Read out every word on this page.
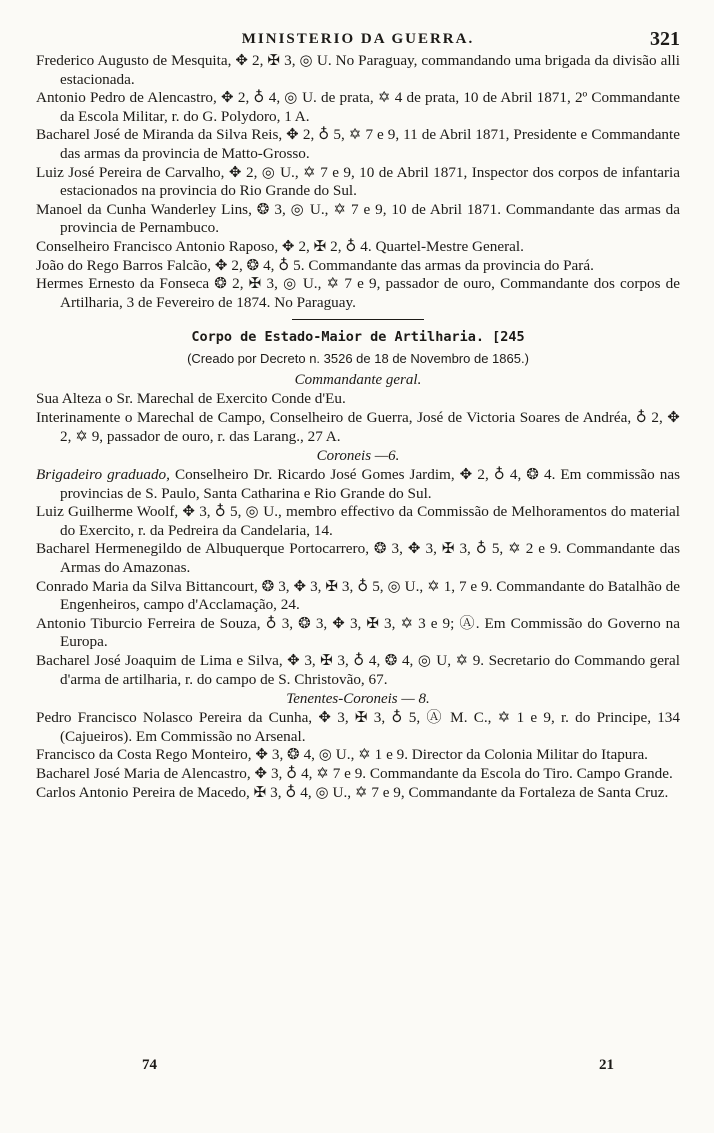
MINISTERIO DA GUERRA.	321

Frederico Augusto de Mesquita, ✥ 2, ✠ 3, ◎ U. No Paraguay, commandando uma brigada da divisão alli estacionada.

Antonio Pedro de Alencastro, ✥ 2, ♁ 4, ◎ U. de prata, ✡ 4 de prata, 10 de Abril 1871, 2º Commandante da Escola Militar, r. do G. Polydoro, 1 A.

Bacharel José de Miranda da Silva Reis, ✥ 2, ♁ 5, ✡ 7 e 9, 11 de Abril 1871, Presidente e Commandante das armas da provincia de Matto-Grosso.

Luiz José Pereira de Carvalho, ✥ 2, ◎ U., ✡ 7 e 9, 10 de Abril 1871, Inspector dos corpos de infantaria estacionados na provincia do Rio Grande do Sul.

Manoel da Cunha Wanderley Lins, ❂ 3, ◎ U., ✡ 7 e 9, 10 de Abril 1871. Commandante das armas da provincia de Pernambuco.

Conselheiro Francisco Antonio Raposo, ✥ 2, ✠ 2, ♁ 4. Quartel-Mestre General.

João do Rego Barros Falcão, ✥ 2, ❂ 4, ♁ 5. Commandante das armas da provincia do Pará.

Hermes Ernesto da Fonseca ❂ 2, ✠ 3, ◎ U., ✡ 7 e 9, passador de ouro, Commandante dos corpos de Artilharia, 3 de Fevereiro de 1874. No Paraguay.

Corpo de Estado-Maior de Artilharia. [245
(Creado por Decreto n. 3526 de 18 de Novembro de 1865.)
Commandante geral.

Sua Alteza o Sr. Marechal de Exercito Conde d'Eu.

Interinamente o Marechal de Campo, Conselheiro de Guerra, José de Victoria Soares de Andréa, ♁ 2, ✥ 2, ✡ 9, passador de ouro, r. das Larang., 27 A.

Coroneis —6.

Brigadeiro graduado, Conselheiro Dr. Ricardo José Gomes Jardim, ✥ 2, ♁ 4, ❂ 4. Em commissão nas provincias de S. Paulo, Santa Catharina e Rio Grande do Sul.

Luiz Guilherme Woolf, ✥ 3, ♁ 5, ◎ U., membro effectivo da Commissão de Melhoramentos do material do Exercito, r. da Pedreira da Candelaria, 14.

Bacharel Hermenegildo de Albuquerque Portocarrero, ❂ 3, ✥ 3, ✠ 3, ♁ 5, ✡ 2 e 9. Commandante das Armas do Amazonas.

Conrado Maria da Silva Bittancourt, ❂ 3, ✥ 3, ✠ 3, ♁ 5, ◎ U., ✡ 1, 7 e 9. Commandante do Batalhão de Engenheiros, campo d'Acclamação, 24.

Antonio Tiburcio Ferreira de Souza, ♁ 3, ❂ 3, ✥ 3, ✠ 3, ✡ 3 e 9; Ⓐ. Em Commissão do Governo na Europa.

Bacharel José Joaquim de Lima e Silva, ✥ 3, ✠ 3, ♁ 4, ❂ 4, ◎ U, ✡ 9. Secretario do Commando geral d'arma de artilharia, r. do campo de S. Christovão, 67.

Tenentes-Coroneis — 8.

Pedro Francisco Nolasco Pereira da Cunha, ✥ 3, ✠ 3, ♁ 5, Ⓐ M. C., ✡ 1 e 9, r. do Principe, 134 (Cajueiros). Em Commissão no Arsenal.

Francisco da Costa Rego Monteiro, ✥ 3, ❂ 4, ◎ U., ✡ 1 e 9. Director da Colonia Militar do Itapura.

Bacharel José Maria de Alencastro, ✥ 3, ♁ 4, ✡ 7 e 9. Commandante da Escola do Tiro. Campo Grande.

Carlos Antonio Pereira de Macedo, ✠ 3, ♁ 4, ◎ U., ✡ 7 e 9, Commandante da Fortaleza de Santa Cruz.

74	21
